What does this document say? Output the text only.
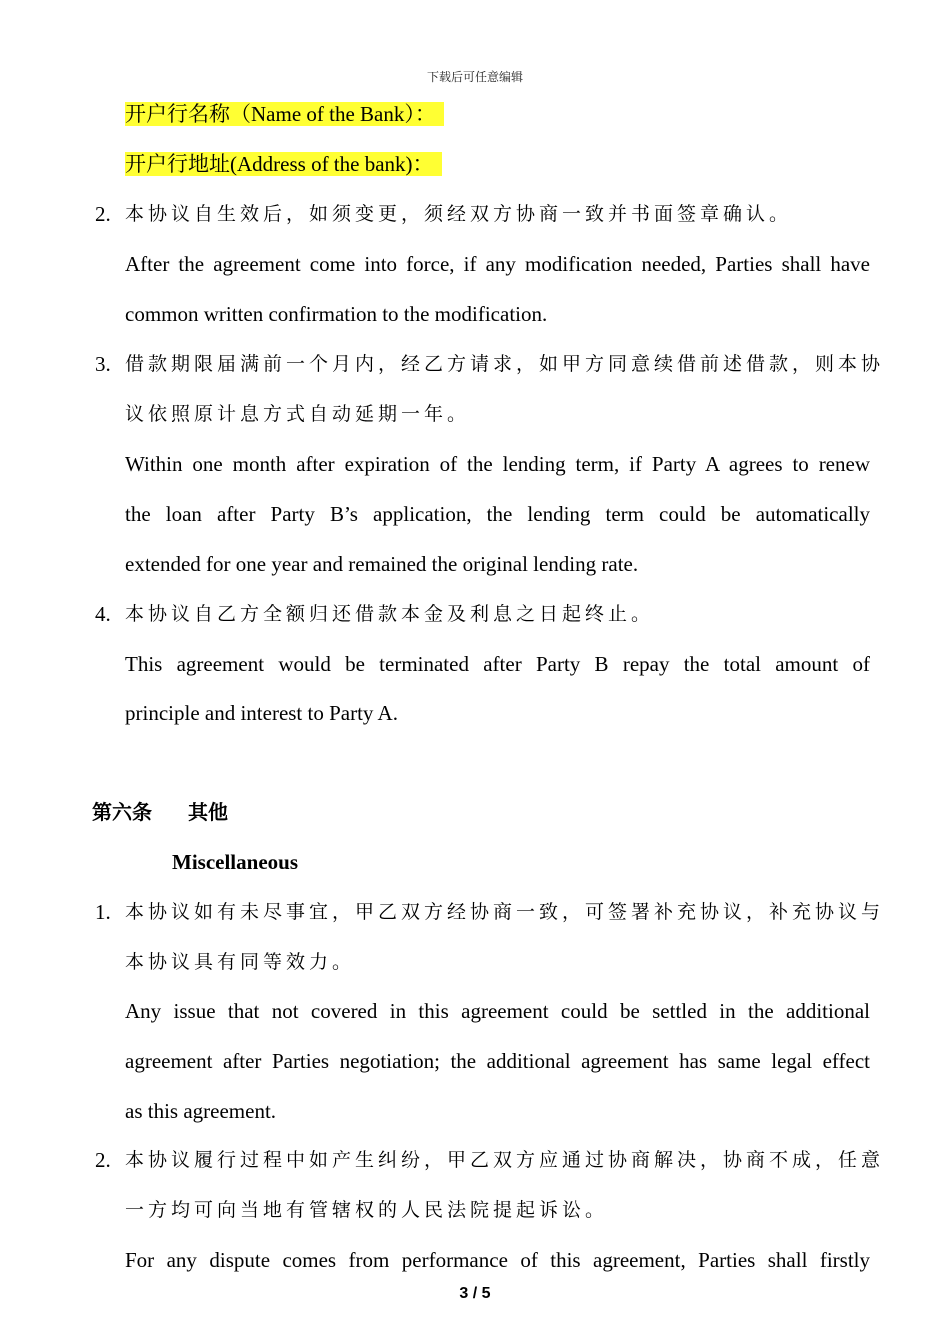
下载后可任意编辑
开户行名称（Name of the Bank）：
开户行地址(Address of the bank)：
2. 本协议自生效后，如须变更，须经双方协商一致并书面签章确认。
After the agreement come into force, if any modification needed, Parties shall have
common written confirmation to the modification.
3. 借款期限届满前一个月内，经乙方请求，如甲方同意续借前述借款，则本协
议依照原计息方式自动延期一年。
Within one month after expiration of the lending term, if Party A agrees to renew
the loan after Party B’s application, the lending term could be automatically
extended for one year and remained the original lending rate.
4. 本协议自乙方全额归还借款本金及利息之日起终止。
This agreement would be terminated after Party B repay the total amount of
principle and interest to Party A.
第六条 其他
Miscellaneous
1. 本协议如有未尽事宜，甲乙双方经协商一致，可签署补充协议，补充协议与
本协议具有同等效力。
Any issue that not covered in this agreement could be settled in the additional
agreement after Parties negotiation; the additional agreement has same legal effect
as this agreement.
2. 本协议履行过程中如产生纠纷，甲乙双方应通过协商解决，协商不成，任意
一方均可向当地有管辖权的人民法院提起诉讼。
For any dispute comes from performance of this agreement, Parties shall firstly
3 / 5
